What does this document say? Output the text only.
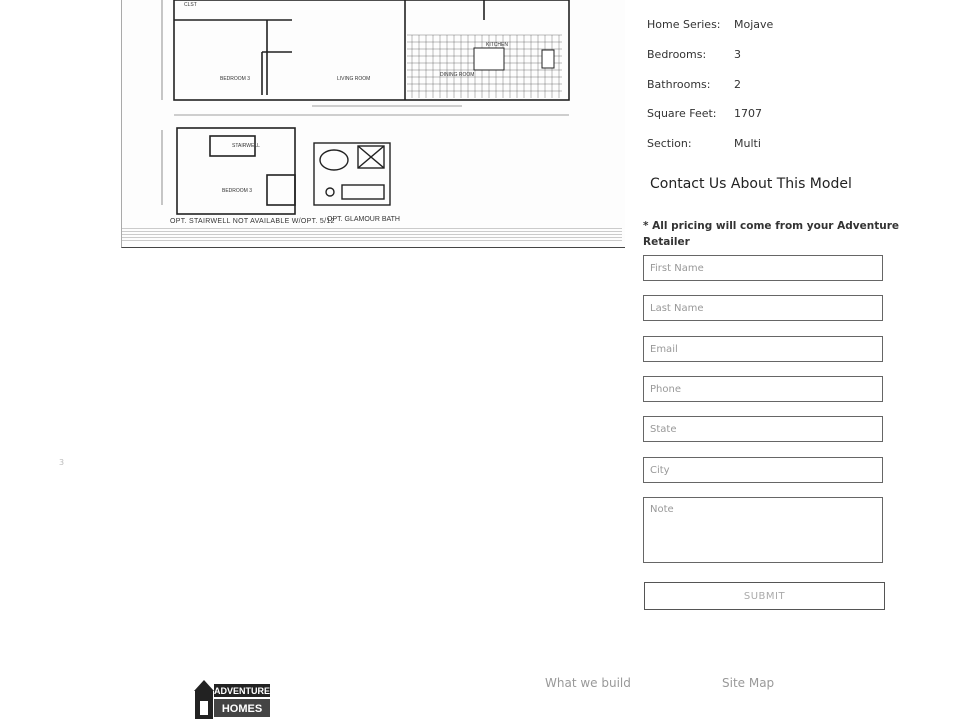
BEDROOM 3	LIVING ROOM
KITCHEN
DINING ROOM
BEDROOM 3
STAIRWELL
CLST
OPT. STAIRWELL NOT AVAILABLE W/OPT. 5/12
OPT. GLAMOUR BATH
3
Home Series:	Mojave
Bedrooms:	3
Bathrooms:	2
Square Feet:	1707
Section:	Multi
Contact Us About This Model
* All pricing will come from your Adventure Retailer
First Name
Last Name
Email
Phone
State
City
Note
SUBMIT
ADVENTURE
HOMES
What we build	Site Map
